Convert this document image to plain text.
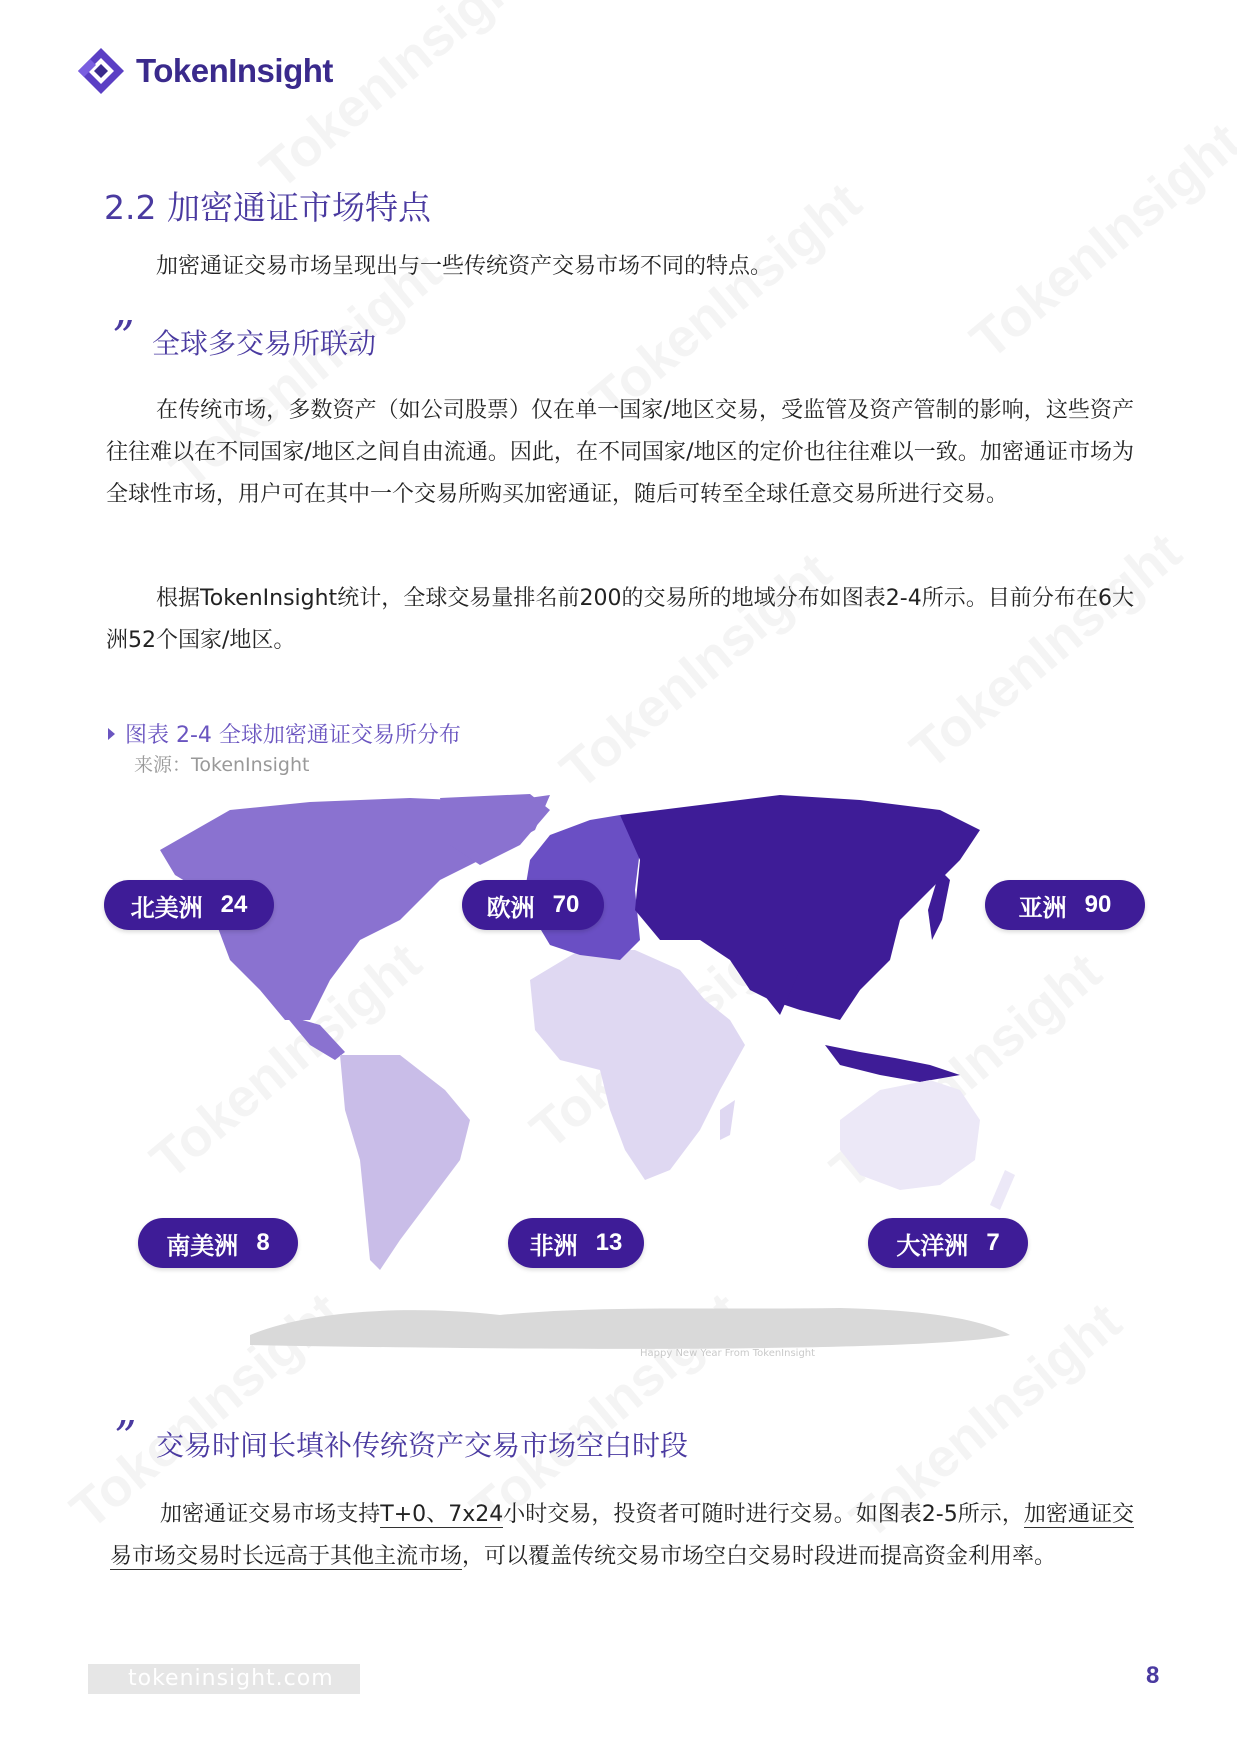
TokenInsight
2.2 加密通证市场特点

加密通证交易市场呈现出与一些传统资产交易市场不同的特点。

” 全球多交易所联动

在传统市场，多数资产（如公司股票）仅在单一国家/地区交易，受监管及资产管制的影响，这些资产往往难以在不同国家/地区之间自由流通。因此，在不同国家/地区的定价也往往难以一致。加密通证市场为全球性市场，用户可在其中一个交易所购买加密通证，随后可转至全球任意交易所进行交易。

根据TokenInsight统计，全球交易量排名前200的交易所的地域分布如图表2-4所示。目前分布在6大洲52个国家/地区。

图表 2-4 全球加密通证交易所分布
来源：TokenInsight
北美洲 24	欧洲 70	亚洲 90
南美洲 8	非洲 13	大洋洲 7
Happy New Year From TokenInsight
” 交易时间长填补传统资产交易市场空白时段

加密通证交易市场支持T+0、7x24小时交易，投资者可随时进行交易。如图表2-5所示，加密通证交易市场交易时长远高于其他主流市场，可以覆盖传统交易市场空白交易时段进而提高资金利用率。

tokeninsight.com	8
